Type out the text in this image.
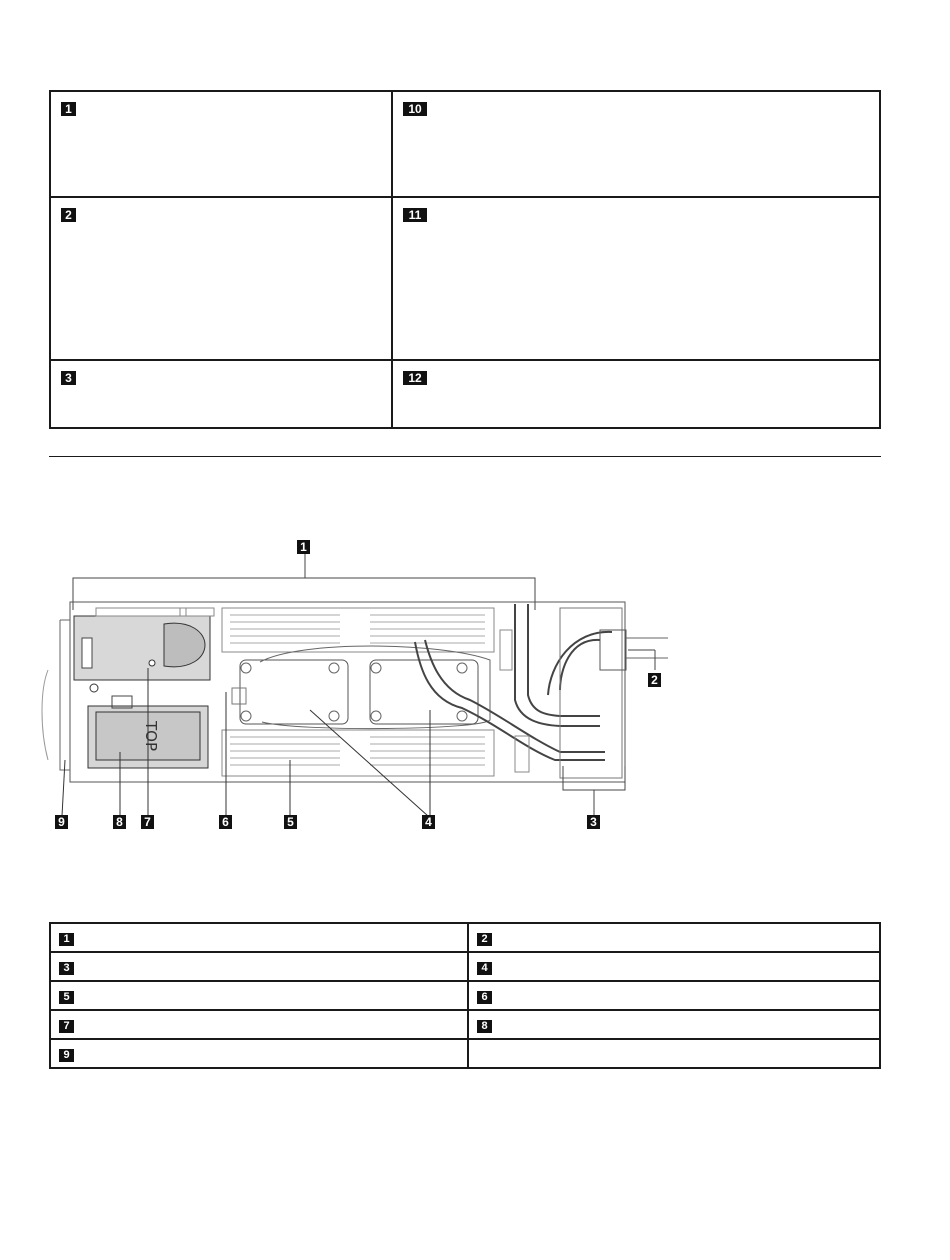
1	10
2	11
3	12
TOP
1
2
3
4
5
6
7
8
9
1	2
3	4
5	6
7	8
9	
